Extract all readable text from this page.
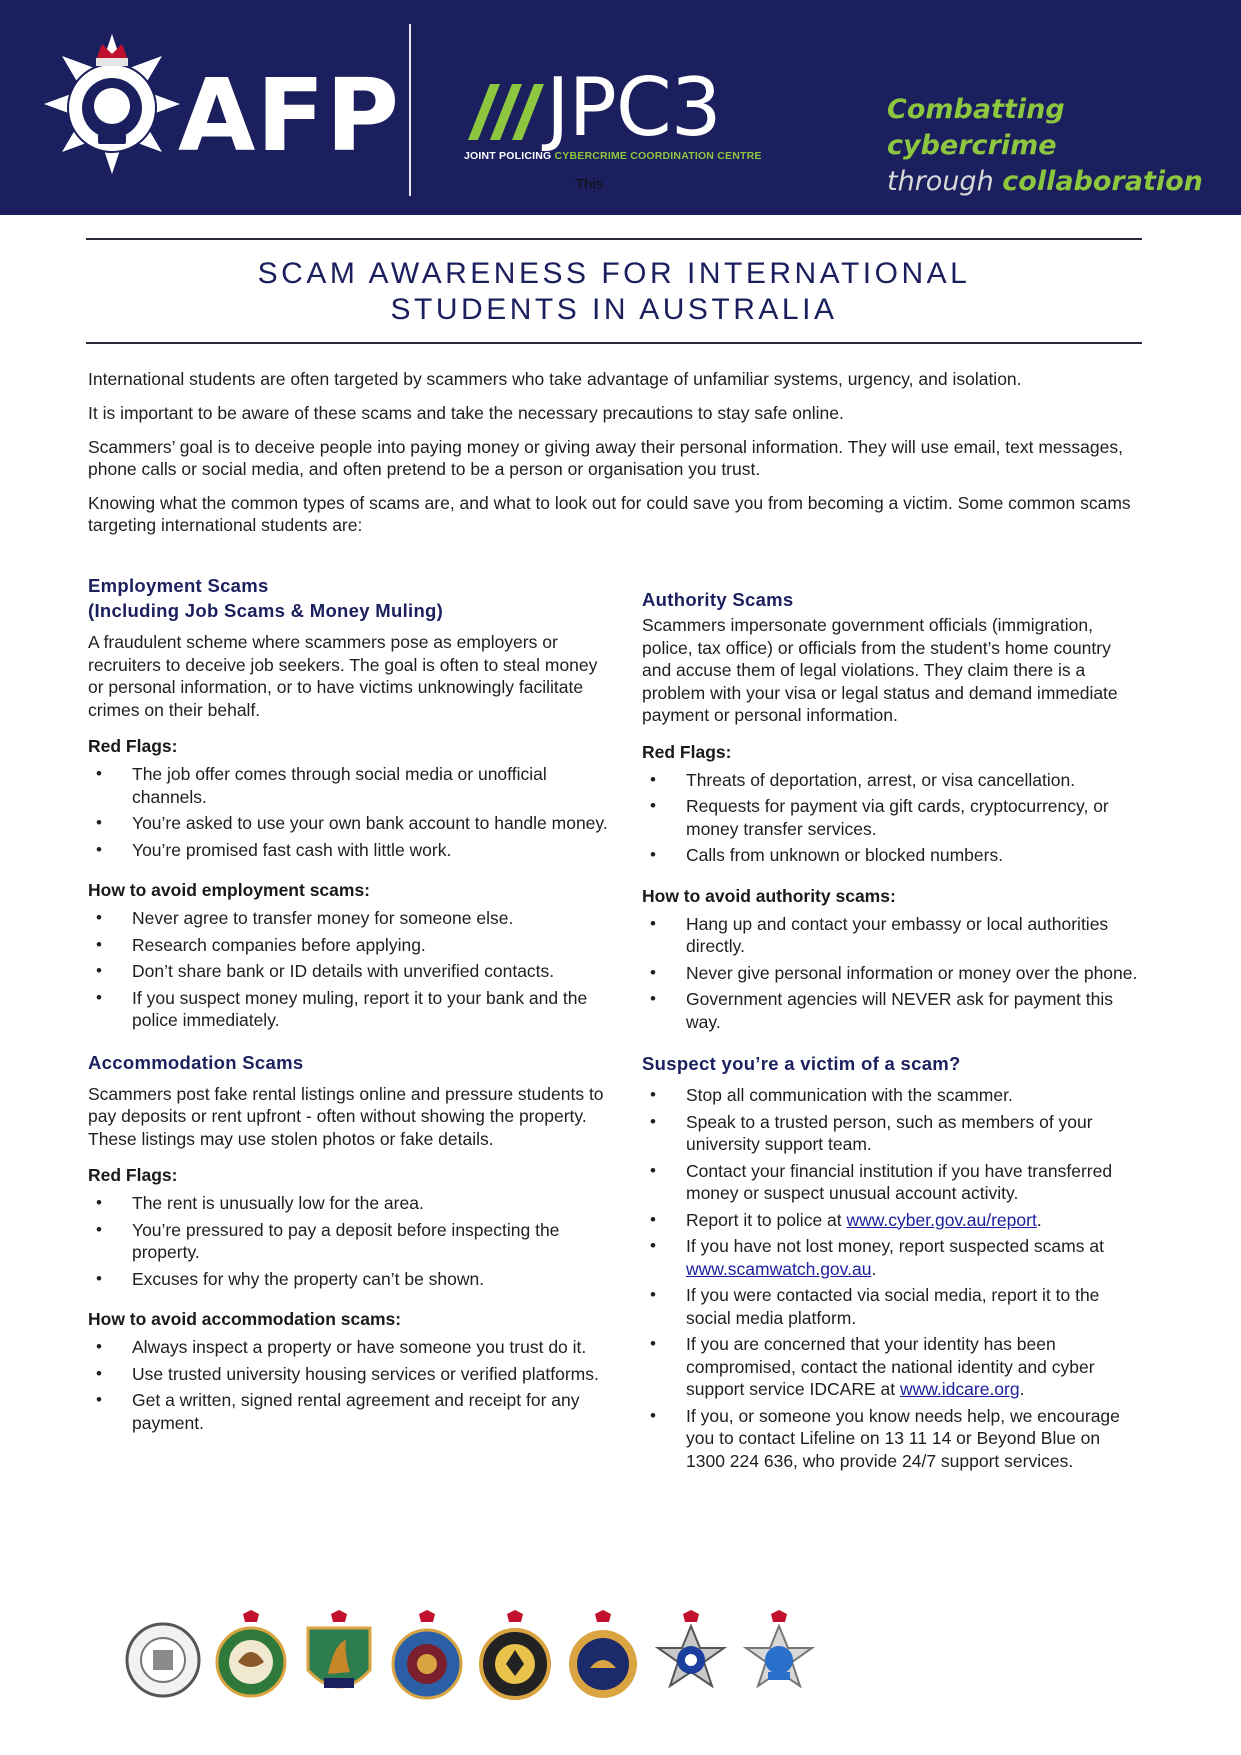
AFP JPC3
JOINT POLICING CYBERCRIME COORDINATION CENTRE
This
Combatting cybercrime
through collaboration
SCAM AWARENESS FOR INTERNATIONAL
STUDENTS IN AUSTRALIA

International students are often targeted by scammers who take advantage of unfamiliar systems, urgency, and isolation.

It is important to be aware of these scams and take the necessary precautions to stay safe online.

Scammers’ goal is to deceive people into paying money or giving away their personal information. They will use email, text messages, phone calls or social media, and often pretend to be a person or organisation you trust.

Knowing what the common types of scams are, and what to look out for could save you from becoming a victim. Some common scams targeting international students are:

Employment Scams
(Including Job Scams & Money Muling)

A fraudulent scheme where scammers pose as employers or recruiters to deceive job seekers. The goal is often to steal money or personal information, or to have victims unknowingly facilitate crimes on their behalf.

Red Flags:
• The job offer comes through social media or unofficial channels.
• You’re asked to use your own bank account to handle money.
• You’re promised fast cash with little work.
How to avoid employment scams:
• Never agree to transfer money for someone else.
• Research companies before applying.
• Don’t share bank or ID details with unverified contacts.
• If you suspect money muling, report it to your bank and the police immediately.
Accommodation Scams

Scammers post fake rental listings online and pressure students to pay deposits or rent upfront - often without showing the property. These listings may use stolen photos or fake details.

Red Flags:
• The rent is unusually low for the area.
• You’re pressured to pay a deposit before inspecting the property.
• Excuses for why the property can’t be shown.
How to avoid accommodation scams:
• Always inspect a property or have someone you trust do it.
• Use trusted university housing services or verified platforms.
• Get a written, signed rental agreement and receipt for any payment.
Authority Scams

Scammers impersonate government officials (immigration, police, tax office) or officials from the student’s home country and accuse them of legal violations. They claim there is a problem with your visa or legal status and demand immediate payment or personal information.

Red Flags:
• Threats of deportation, arrest, or visa cancellation.
• Requests for payment via gift cards, cryptocurrency, or money transfer services.
• Calls from unknown or blocked numbers.
How to avoid authority scams:
• Hang up and contact your embassy or local authorities directly.
• Never give personal information or money over the phone.
• Government agencies will NEVER ask for payment this way.
Suspect you’re a victim of a scam?
• Stop all communication with the scammer.
• Speak to a trusted person, such as members of your university support team.
• Contact your financial institution if you have transferred money or suspect unusual account activity.
• Report it to police at www.cyber.gov.au/report.
• If you have not lost money, report suspected scams at www.scamwatch.gov.au.
• If you were contacted via social media, report it to the social media platform.
• If you are concerned that your identity has been compromised, contact the national identity and cyber support service IDCARE at www.idcare.org.
• If you, or someone you know needs help, we encourage you to contact Lifeline on 13 11 14 or Beyond Blue on 1300 224 636, who provide 24/7 support services.
